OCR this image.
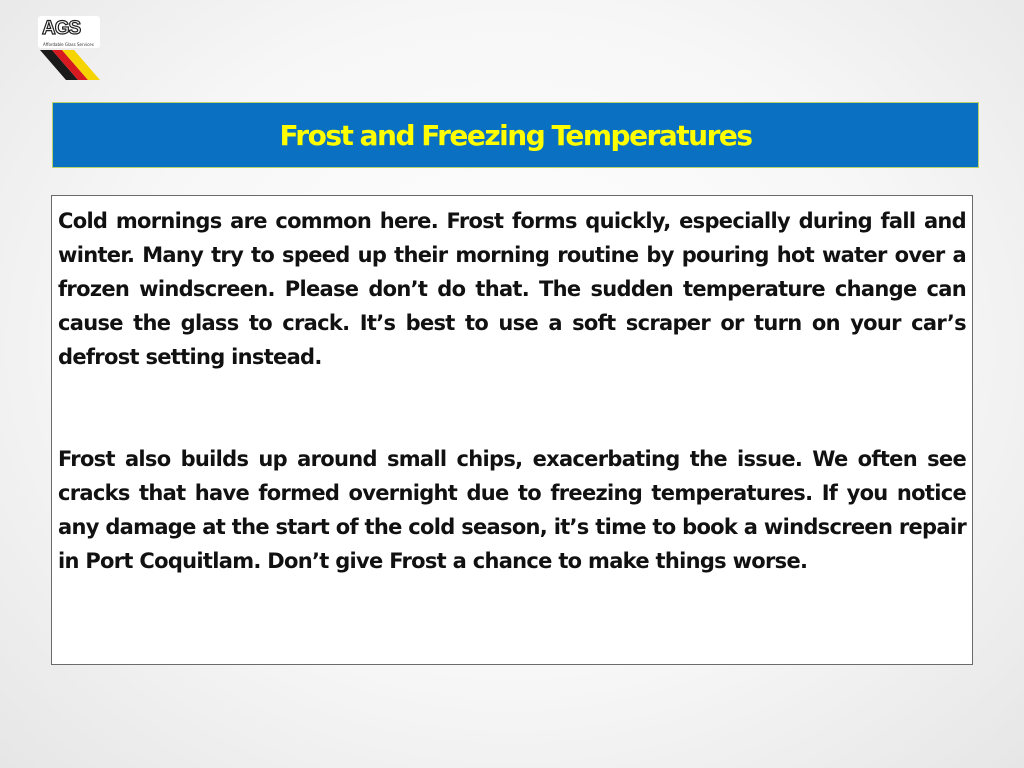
AGS
Affordable Glass Services
Frost and Freezing Temperatures

Cold mornings are common here. Frost forms quickly, especially during fall and winter. Many try to speed up their morning routine by pouring hot water over a frozen windscreen. Please don’t do that. The sudden temperature change can cause the glass to crack. It’s best to use a soft scraper or turn on your car’s defrost setting instead.

Frost also builds up around small chips, exacerbating the issue. We often see cracks that have formed overnight due to freezing temperatures. If you notice any damage at the start of the cold season, it’s time to book a windscreen repair in Port Coquitlam. Don’t give Frost a chance to make things worse.
